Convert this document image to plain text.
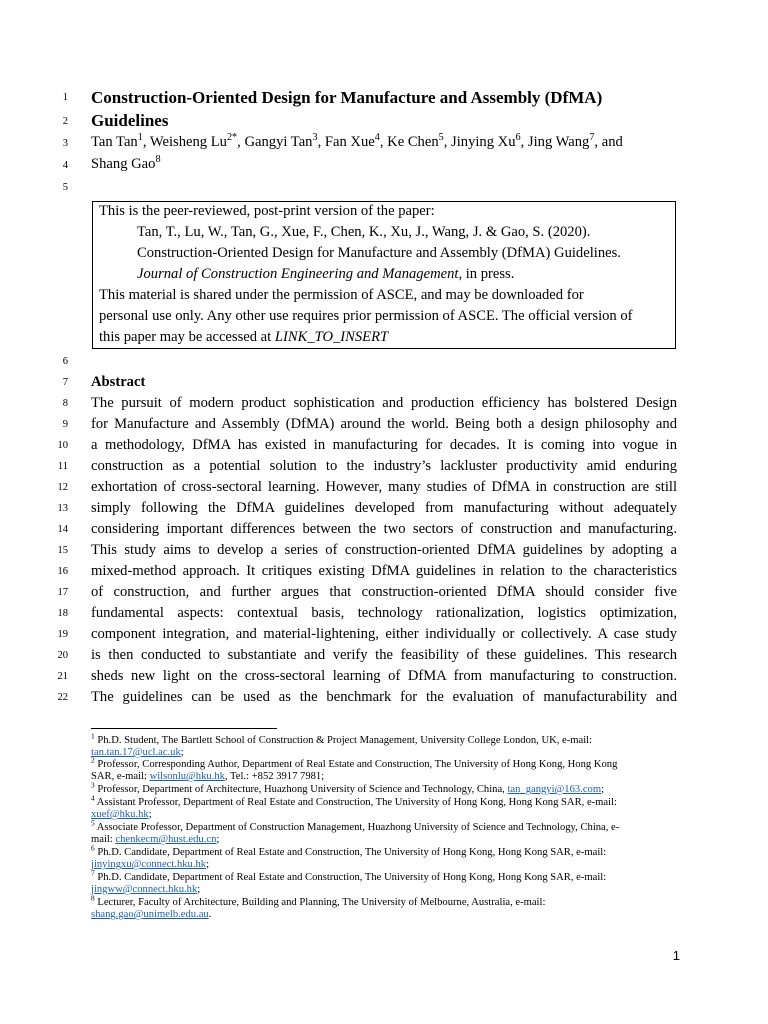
1
2
3
4
5
6
7
8
9
10
11
12
13
14
15
16
17
18
19
20
21
22
Construction-Oriented Design for Manufacture and Assembly (DfMA)
Guidelines
Tan Tan$^1$, Weisheng $Lu^{2*}$, Gangyi Tan$^3$, Fan Xue$^4$, Ke Chen$^5$, Jinying Xu$^6$, Jing Wang$^7$, and
Shang Gao$^8$
This is the peer-reviewed, post-print version of the paper:
Tan, T., Lu, W., Tan, G., Xue, F., Chen, K., Xu, J., Wang, J. & Gao, S. (2020).
Construction-Oriented Design for Manufacture and Assembly (DfMA) Guidelines.
Journal of Construction Engineering and Management, in press.
This material is shared under the permission of ASCE, and may be downloaded for
personal use only. Any other use requires prior permission of ASCE. The official version of
this paper may be accessed at LINK_TO_INSERT
Abstract
The pursuit of modern product sophistication and production efficiency has bolstered Design
for Manufacture and Assembly (DfMA) around the world. Being both a design philosophy and
a methodology, DfMA has existed in manufacturing for decades. It is coming into vogue in
construction as a potential solution to the industry’s lackluster productivity amid enduring
exhortation of cross-sectoral learning. However, many studies of DfMA in construction are still
simply following the DfMA guidelines developed from manufacturing without adequately
considering important differences between the two sectors of construction and manufacturing.
This study aims to develop a series of construction-oriented DfMA guidelines by adopting a
mixed-method approach. It critiques existing DfMA guidelines in relation to the characteristics
of construction, and further argues that construction-oriented DfMA should consider five
fundamental aspects: contextual basis, technology rationalization, logistics optimization,
component integration, and material-lightening, either individually or collectively. A case study
is then conducted to substantiate and verify the feasibility of these guidelines. This research
sheds new light on the cross-sectoral learning of DfMA from manufacturing to construction.
The guidelines can be used as the benchmark for the evaluation of manufacturability and
$^1$ Ph.D. Student, The Bartlett School of Construction & Project Management, University College London, UK, e-mail:
tan.tan.17@ucl.ac.uk;
$^2$ Professor, Corresponding Author, Department of Real Estate and Construction, The University of Hong Kong, Hong Kong
SAR, e-mail: wilsonlu@hku.hk, Tel.: +852 3917 7981;
$^3$ Professor, Department of Architecture, Huazhong University of Science and Technology, China, tan_gangyi@163.com;
$^4$ Assistant Professor, Department of Real Estate and Construction, The University of Hong Kong, Hong Kong SAR, e-mail:
xuef@hku.hk;
$^5$ Associate Professor, Department of Construction Management, Huazhong University of Science and Technology, China, e-
mail: chenkecm@hust.edu.cn;
$^6$ Ph.D. Candidate, Department of Real Estate and Construction, The University of Hong Kong, Hong Kong SAR, e-mail:
jinyingxu@connect.hku.hk;
$^7$ Ph.D. Candidate, Department of Real Estate and Construction, The University of Hong Kong, Hong Kong SAR, e-mail:
jingww@connect.hku.hk;
$^8$ Lecturer, Faculty of Architecture, Building and Planning, The University of Melbourne, Australia, e-mail:
shang.gao@unimelb.edu.au.
1
